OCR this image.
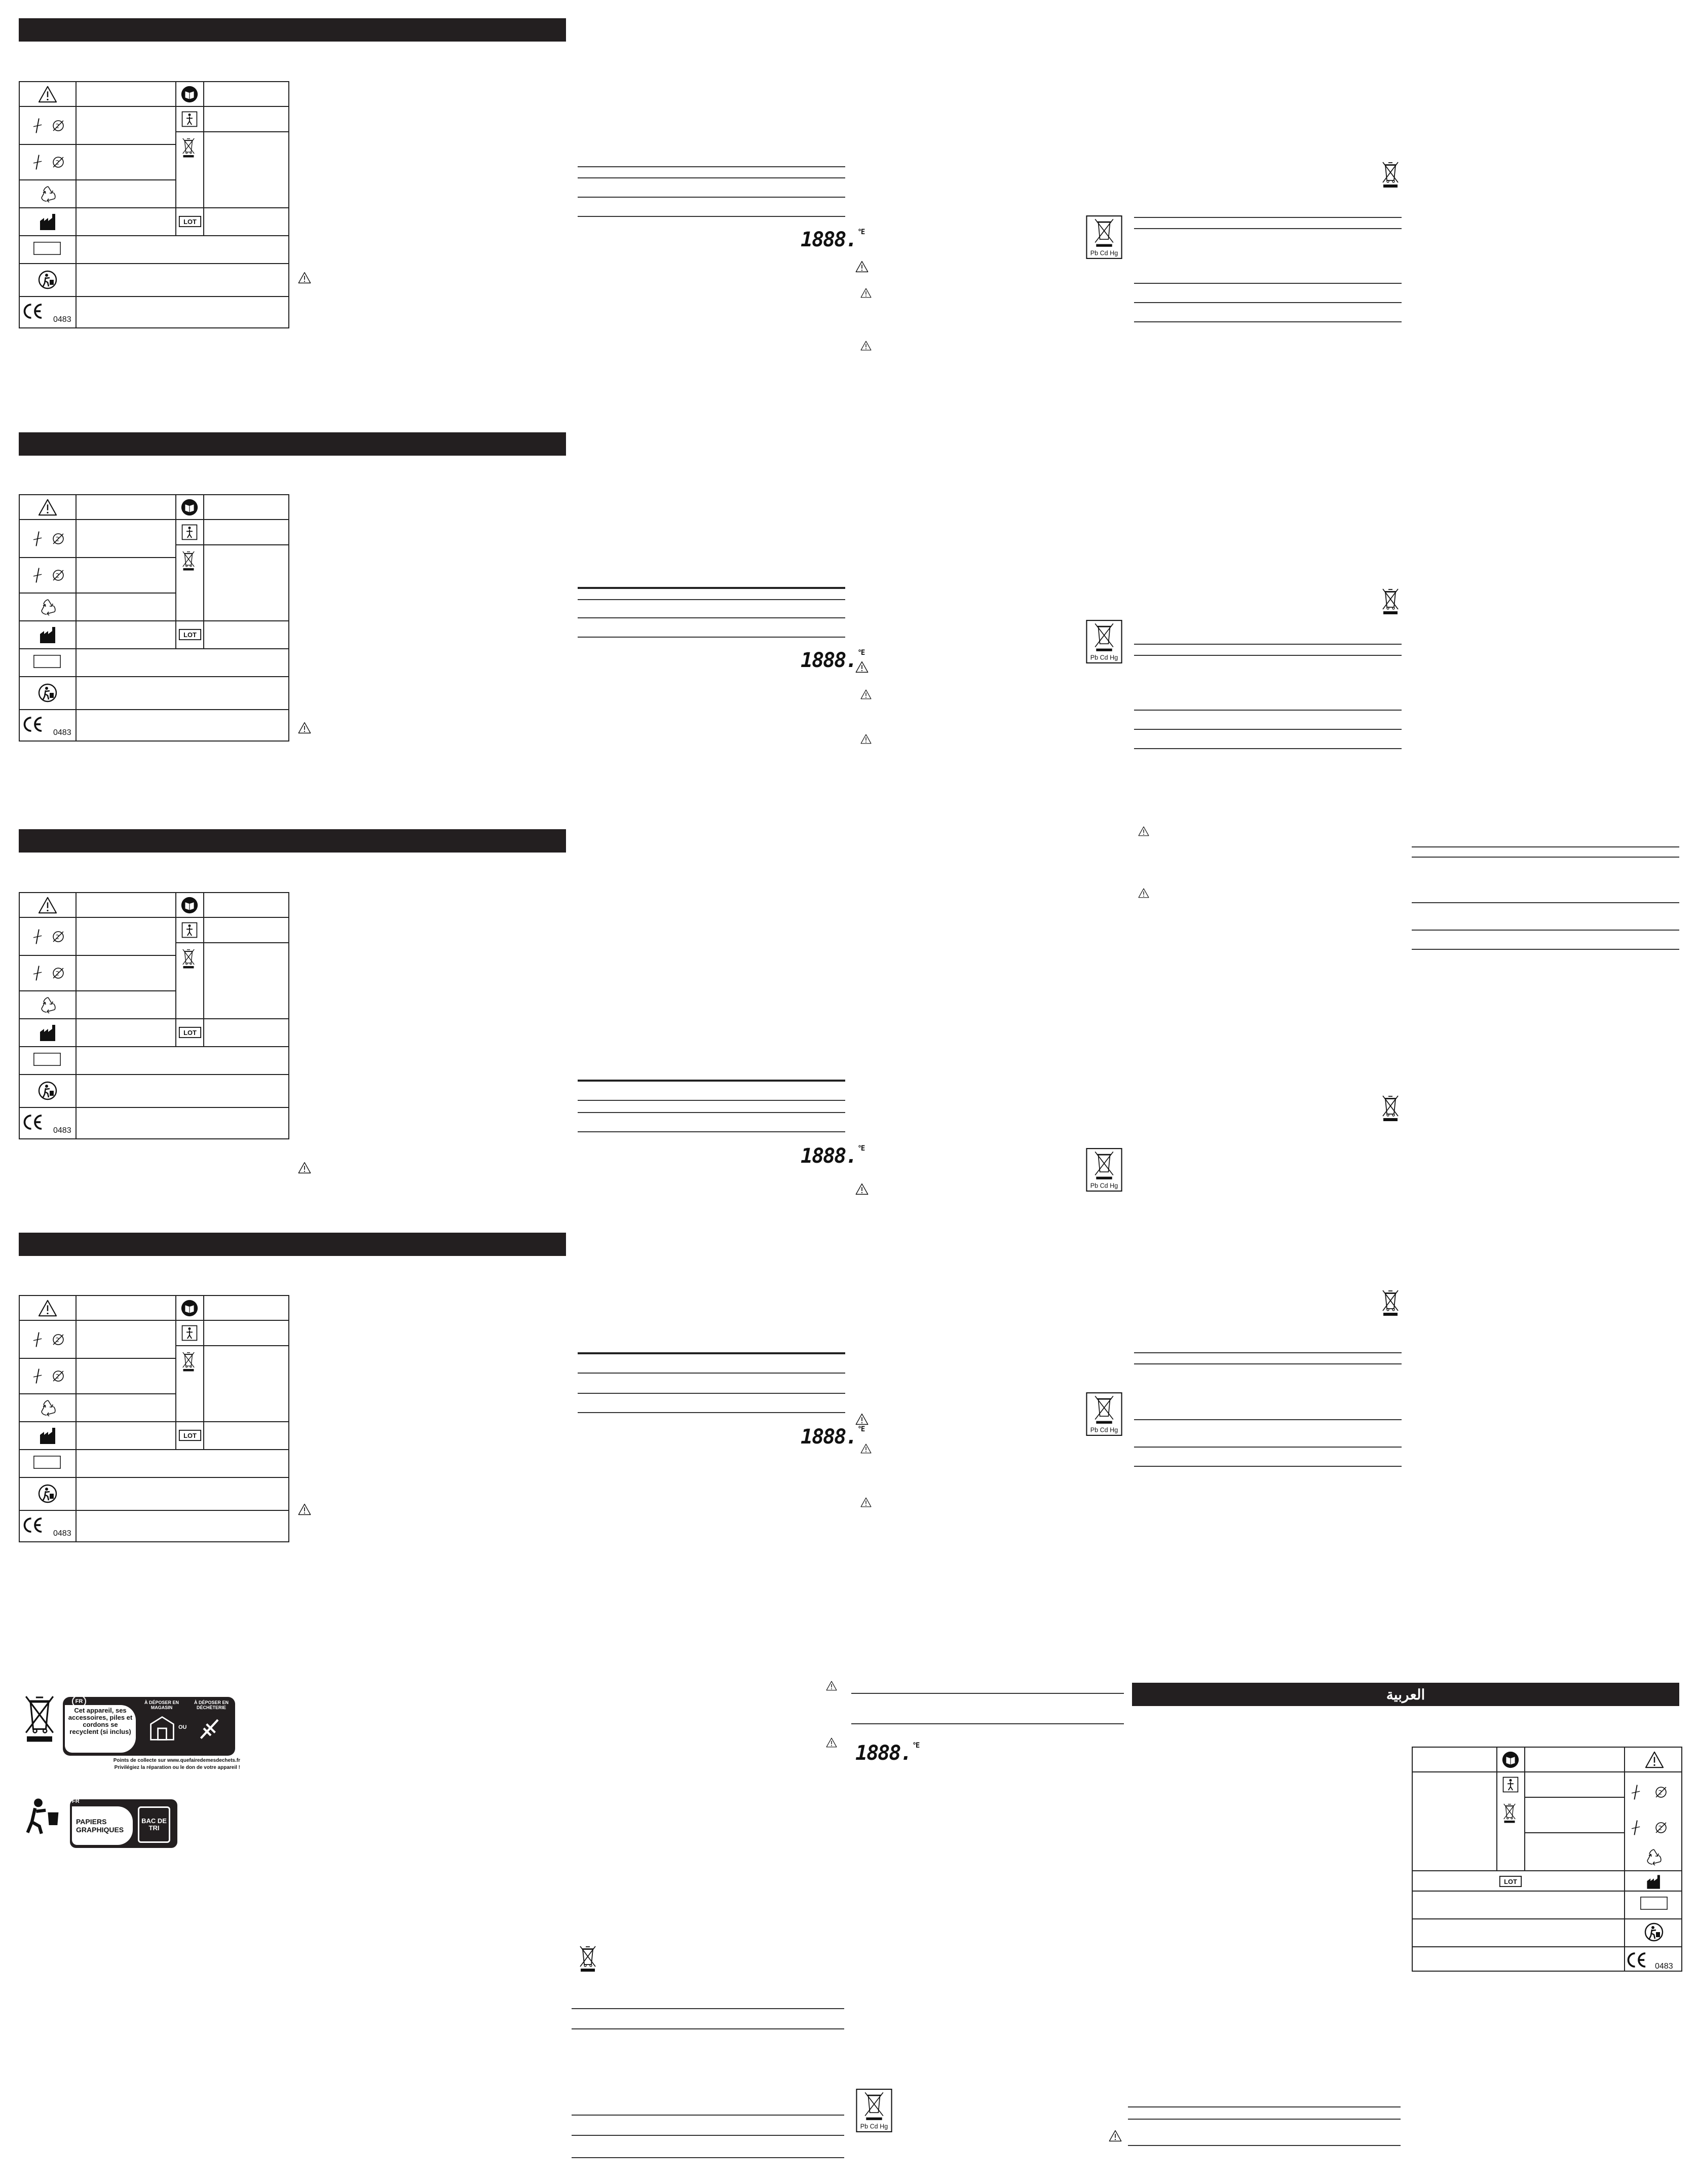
0483
0483
0483
0483
1888. $^{^\circ E}$
1888. $^{^\circ E}$
1888. $^{^\circ E}$
1888. $^{^\circ E}$
1888. $^{^\circ E}$
العربية
0483
FR
Cet appareil, ses accessoires, piles et cordons se recyclent (si inclus)
À DÉPOSER EN MAGASIN
À DÉPOSER EN DÉCHÈTERIE
OU
Points de collecte sur www.quefairedemesdechets.fr
Privilégiez la réparation ou le don de votre appareil !
FR
PAPIERS GRAPHIQUES
BAC DE TRI
